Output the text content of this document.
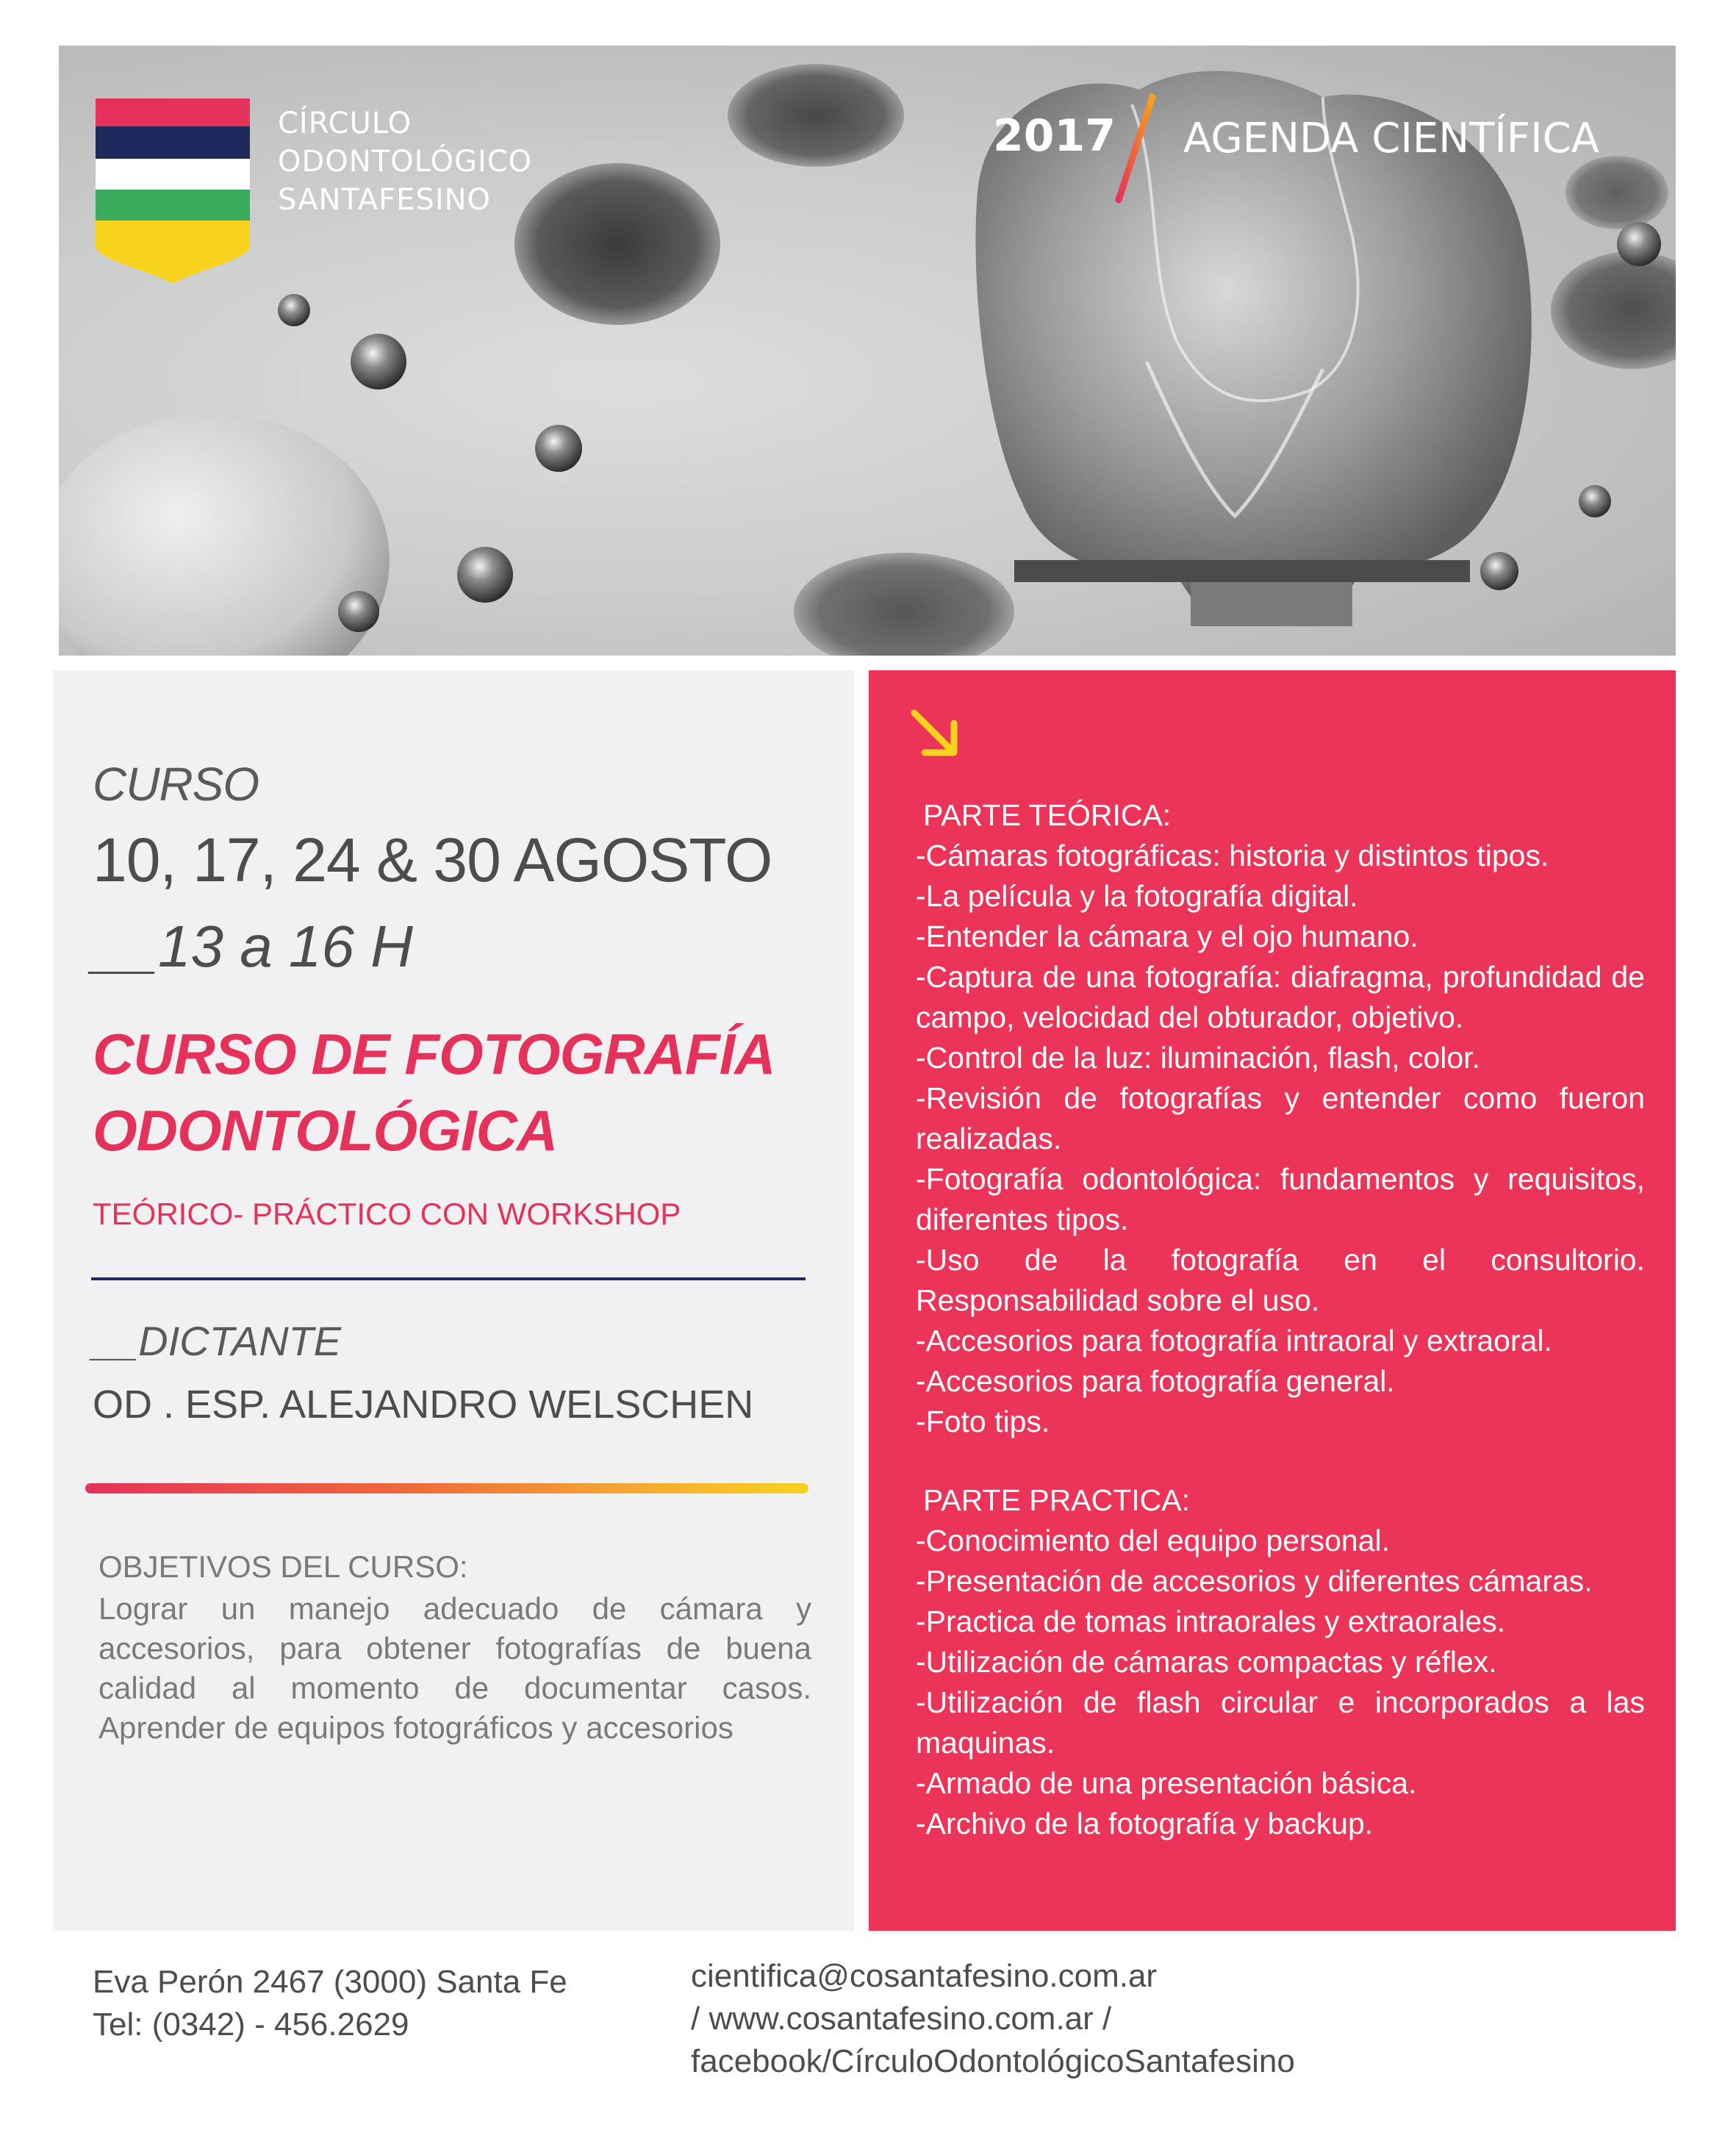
CÍRCULO
ODONTOLÓGICO
SANTAFESINO
2017 AGENDA CIENTÍFICA
CURSO
10, 17, 24 & 30 AGOSTO
__13 a 16 H
CURSO DE FOTOGRAFÍA
ODONTOLÓGICA
TEÓRICO- PRÁCTICO CON WORKSHOP
__DICTANTE
OD . ESP. ALEJANDRO WELSCHEN
OBJETIVOS DEL CURSO:
Lograr un manejo adecuado de cámara y accesorios, para obtener fotografías de buena calidad al momento de documentar casos. Aprender de equipos fotográficos y accesorios
PARTE TEÓRICA:
-Cámaras fotográficas: historia y distintos tipos.
-La película y la fotografía digital.
-Entender la cámara y el ojo humano.
-Captura de una fotografía: diafragma, profundidad de campo, velocidad del obturador, objetivo.
-Control de la luz: iluminación, flash, color.
-Revisión de fotografías y entender como fueron realizadas.
-Fotografía odontológica: fundamentos y requisitos, diferentes tipos.
-Uso de la fotografía en el consultorio. Responsabilidad sobre el uso.
-Accesorios para fotografía intraoral y extraoral.
-Accesorios para fotografía general.
-Foto tips.
PARTE PRACTICA:
-Conocimiento del equipo personal.
-Presentación de accesorios y diferentes cámaras.
-Practica de tomas intraorales y extraorales.
-Utilización de cámaras compactas y réflex.
-Utilización de flash circular e incorporados a las maquinas.
-Armado de una presentación básica.
-Archivo de la fotografía y backup.
Eva Perón 2467 (3000) Santa Fe
Tel: (0342) - 456.2629
cientifica@cosantafesino.com.ar
/ www.cosantafesino.com.ar /
facebook/CírculoOdontológicoSantafesino
